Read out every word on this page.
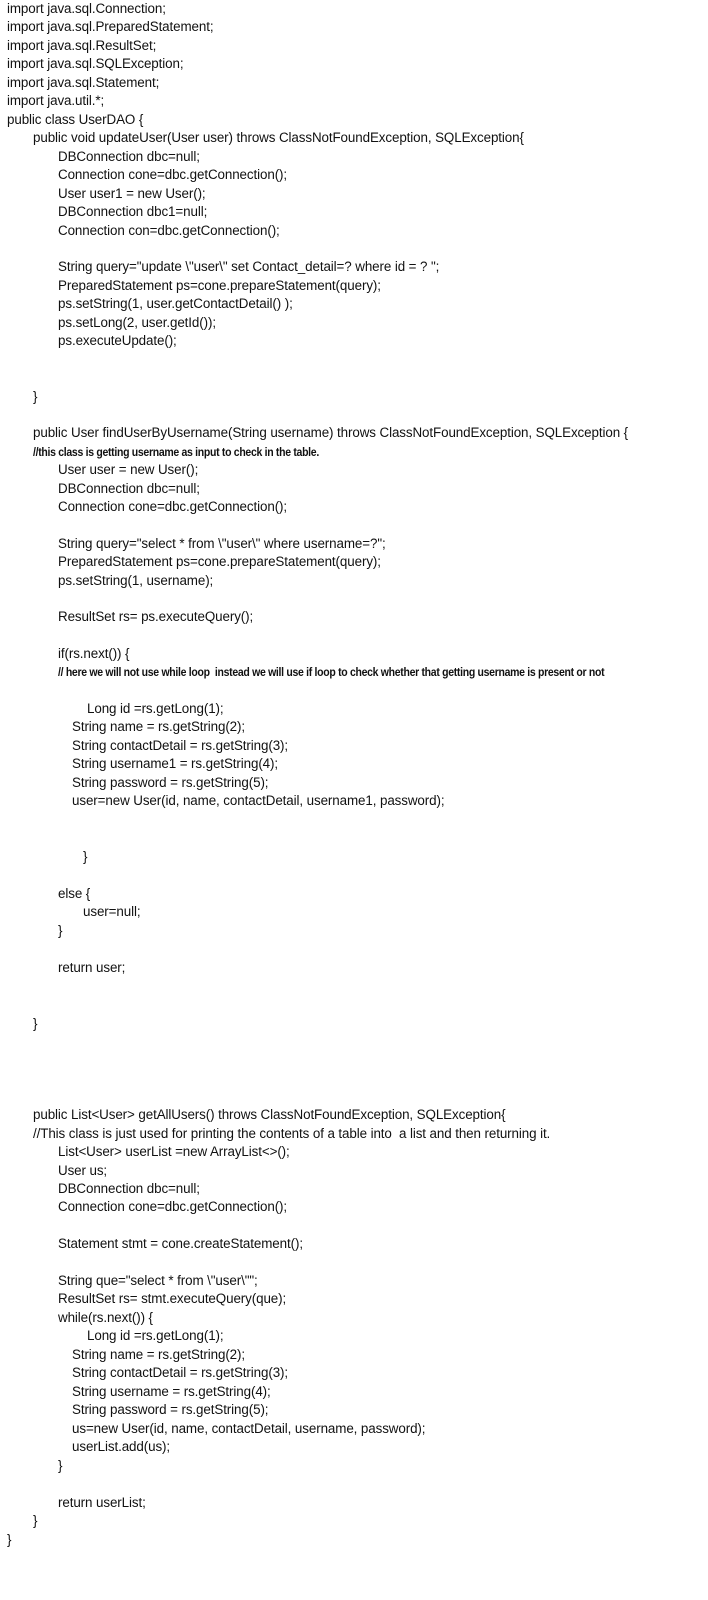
import java.sql.Connection;
import java.sql.PreparedStatement;
import java.sql.ResultSet;
import java.sql.SQLException;
import java.sql.Statement;
import java.util.*;
public class UserDAO {
public void updateUser(User user) throws ClassNotFoundException, SQLException{
DBConnection dbc=null;
Connection cone=dbc.getConnection();
User user1 = new User();
DBConnection dbc1=null;
Connection con=dbc.getConnection();
String query="update \"user\" set Contact_detail=? where id = ? ";
PreparedStatement ps=cone.prepareStatement(query);
ps.setString(1, user.getContactDetail() );
ps.setLong(2, user.getId());
ps.executeUpdate();
}
public User findUserByUsername(String username) throws ClassNotFoundException, SQLException {
//this class is getting username as input to check in the table.
User user = new User();
DBConnection dbc=null;
Connection cone=dbc.getConnection();
String query="select * from \"user\" where username=?";
PreparedStatement ps=cone.prepareStatement(query);
ps.setString(1, username);
ResultSet rs= ps.executeQuery();
if(rs.next()) {
// here we will not use while loop  instead we will use if loop to check whether that getting username is present or not
Long id =rs.getLong(1);
String name = rs.getString(2);
String contactDetail = rs.getString(3);
String username1 = rs.getString(4);
String password = rs.getString(5);
user=new User(id, name, contactDetail, username1, password);
}
else {
user=null;
}
return user;
}
public List<User> getAllUsers() throws ClassNotFoundException, SQLException{
//This class is just used for printing the contents of a table into  a list and then returning it.
List<User> userList =new ArrayList<>();
User us;
DBConnection dbc=null;
Connection cone=dbc.getConnection();
Statement stmt = cone.createStatement();
String que="select * from \"user\"";
ResultSet rs= stmt.executeQuery(que);
while(rs.next()) {
Long id =rs.getLong(1);
String name = rs.getString(2);
String contactDetail = rs.getString(3);
String username = rs.getString(4);
String password = rs.getString(5);
us=new User(id, name, contactDetail, username, password);
userList.add(us);
}
return userList;
}
}
